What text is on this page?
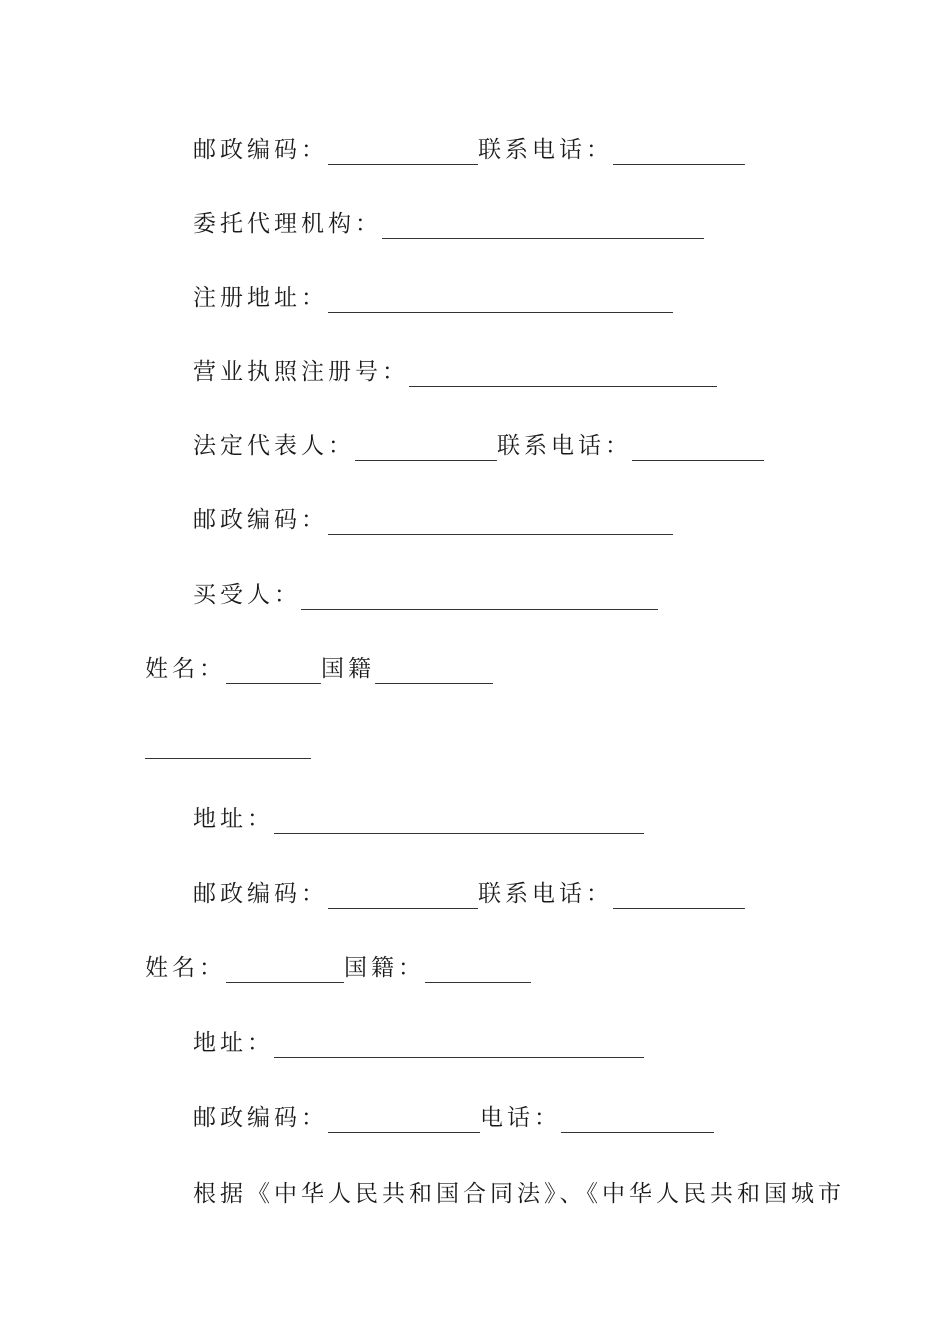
邮政编码：	联系电话：
委托代理机构：
注册地址：
营业执照注册号：
法定代表人：	联系电话：
邮政编码：
买受人：
姓名：	国籍
地址：
邮政编码：	联系电话：
姓名：	国籍：
地址：
邮政编码：	电话：
根据《中华人民共和国合同法》、《中华人民共和国城市
